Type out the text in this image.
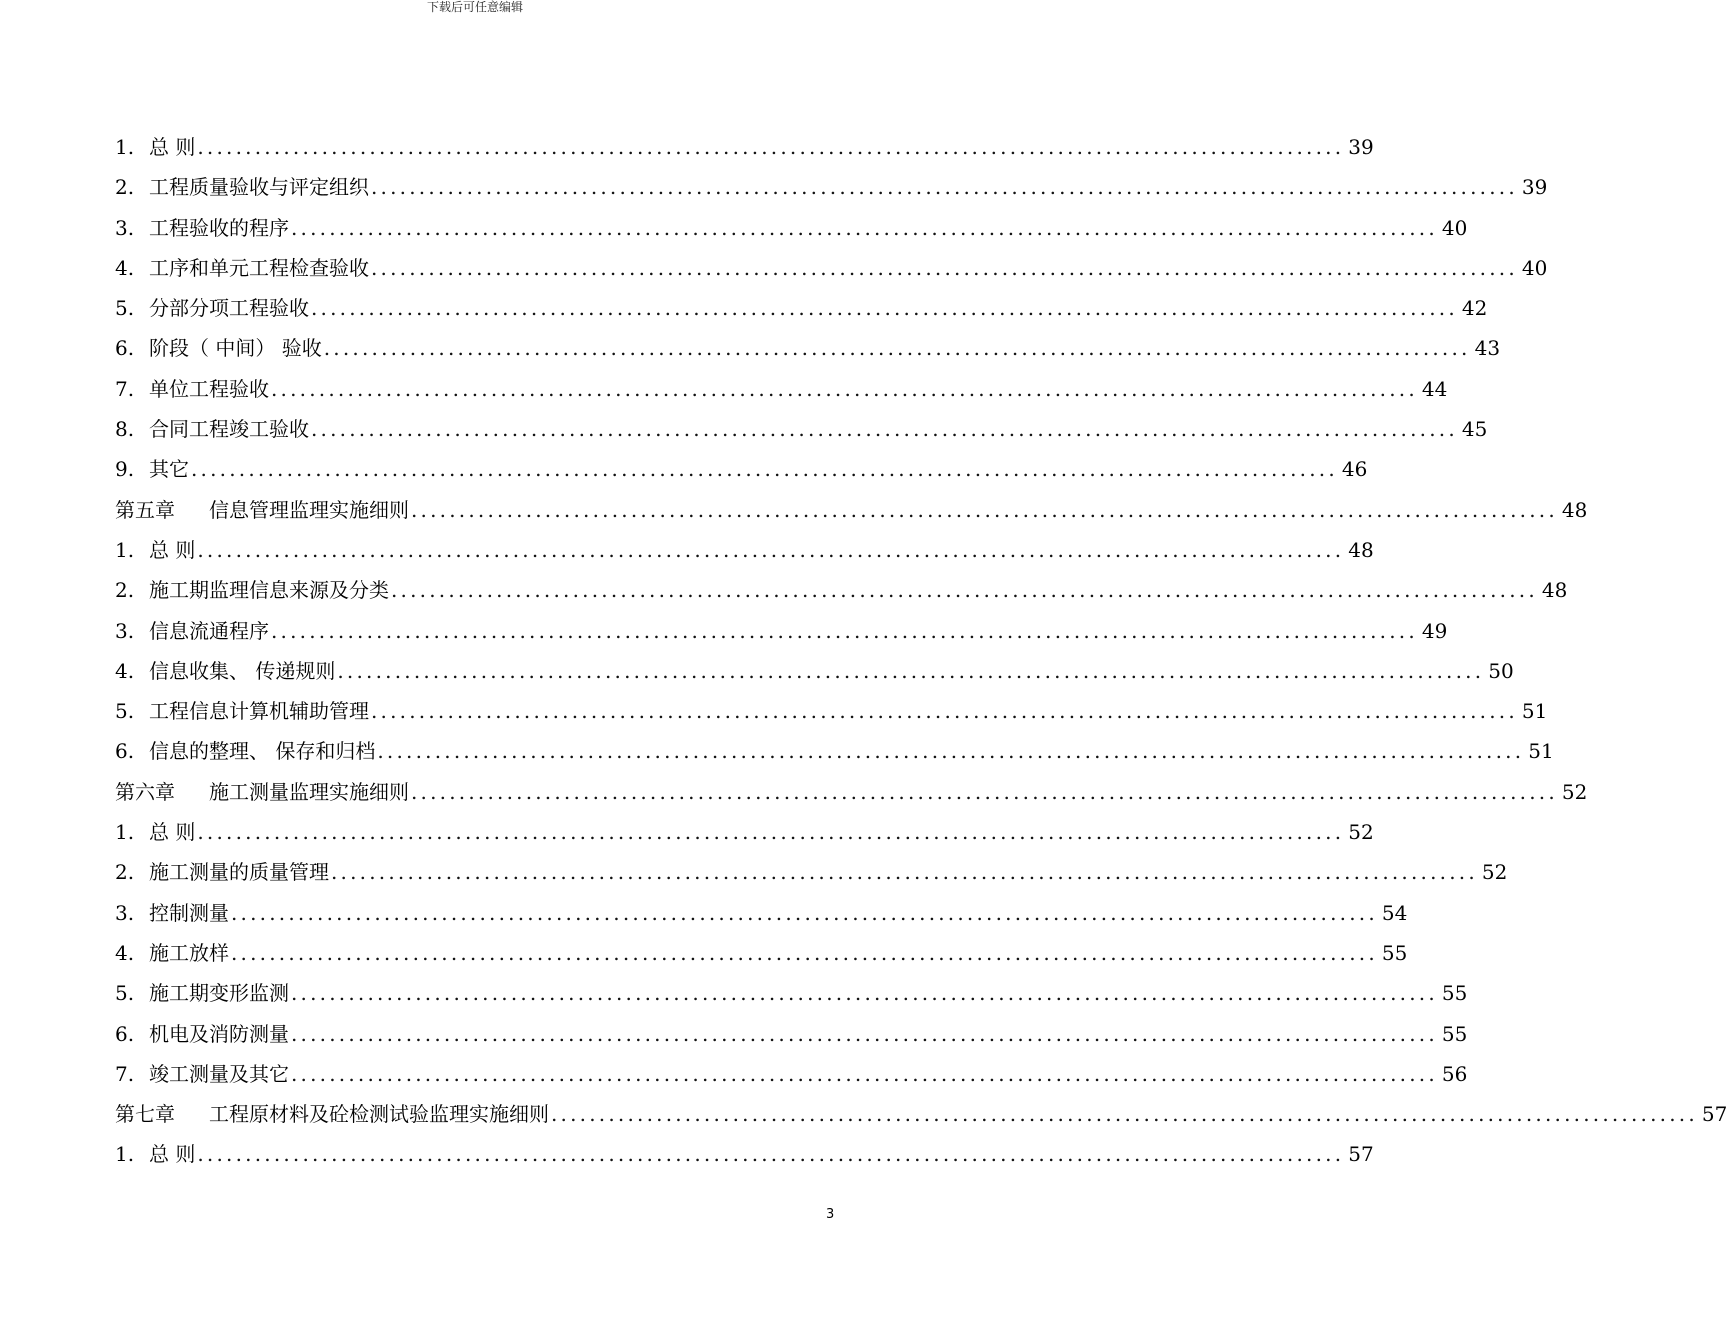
下载后可任意编辑
1. 总 则 ........................................................................................................................ 39
2. 工程质量验收与评定组织 ........................................................................................................................ 39
3. 工程验收的程序 ........................................................................................................................ 40
4. 工序和单元工程检查验收 ........................................................................................................................ 40
5. 分部分项工程验收 ........................................................................................................................ 42
6. 阶段（ 中间） 验收 ........................................................................................................................ 43
7. 单位工程验收 ........................................................................................................................ 44
8. 合同工程竣工验收 ........................................................................................................................ 45
9. 其它 ........................................................................................................................ 46
第五章	信息管理监理实施细则 ........................................................................................................................ 48
1. 总 则 ........................................................................................................................ 48
2. 施工期监理信息来源及分类 ........................................................................................................................ 48
3. 信息流通程序 ........................................................................................................................ 49
4. 信息收集、 传递规则 ........................................................................................................................ 50
5. 工程信息计算机辅助管理 ........................................................................................................................ 51
6. 信息的整理、 保存和归档 ........................................................................................................................ 51
第六章	施工测量监理实施细则 ........................................................................................................................ 52
1. 总 则 ........................................................................................................................ 52
2. 施工测量的质量管理 ........................................................................................................................ 52
3. 控制测量 ........................................................................................................................ 54
4. 施工放样 ........................................................................................................................ 55
5. 施工期变形监测 ........................................................................................................................ 55
6. 机电及消防测量 ........................................................................................................................ 55
7. 竣工测量及其它 ........................................................................................................................ 56
第七章	工程原材料及砼检测试验监理实施细则 ........................................................................................................................ 57
1. 总 则 ........................................................................................................................ 57
3
